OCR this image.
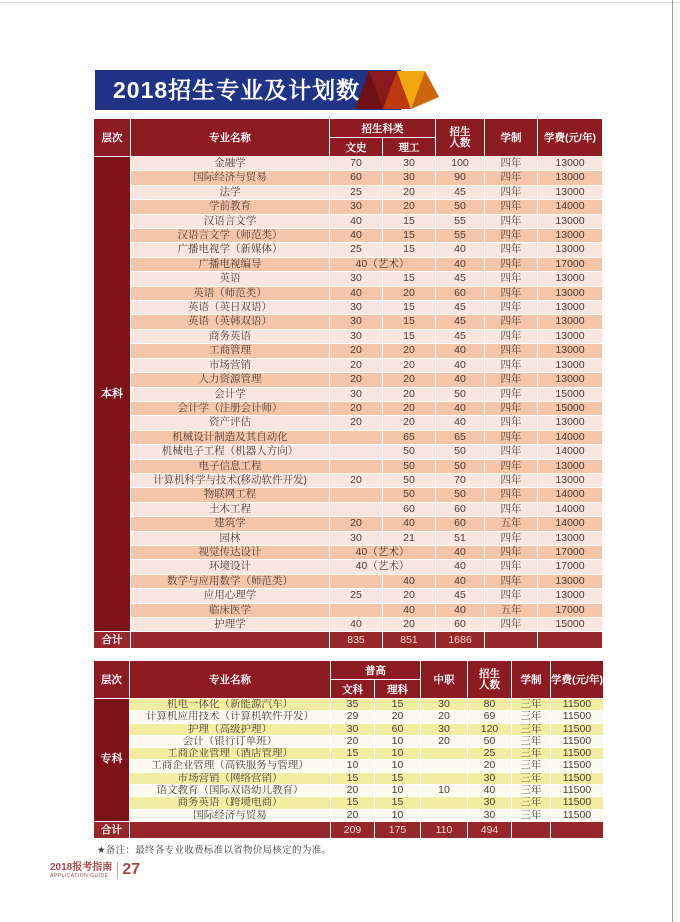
2018招生专业及计划数
层次	专业名称	招生科类		招生人数	学制	学费(元/年)
		文史	理工			
本科	金融学	70	30	100	四年	13000
	国际经济与贸易	60	30	90	四年	13000
	法学	25	20	45	四年	13000
	学前教育	30	20	50	四年	14000
	汉语言文学	40	15	55	四年	13000
	汉语言文学（师范类）	40	15	55	四年	13000
	广播电视学（新媒体）	25	15	40	四年	13000
	广播电视编导	40（艺术）		40	四年	17000
	英语	30	15	45	四年	13000
	英语（师范类）	40	20	60	四年	13000
	英语（英日双语）	30	15	45	四年	13000
	英语（英韩双语）	30	15	45	四年	13000
	商务英语	30	15	45	四年	13000
	工商管理	20	20	40	四年	13000
	市场营销	20	20	40	四年	13000
	人力资源管理	20	20	40	四年	13000
	会计学	30	20	50	四年	15000
	会计学（注册会计师）	20	20	40	四年	15000
	资产评估	20	20	40	四年	13000
	机械设计制造及其自动化		65	65	四年	14000
	机械电子工程（机器人方向）		50	50	四年	14000
	电子信息工程		50	50	四年	13000
	计算机科学与技术(移动软件开发)	20	50	70	四年	13000
	物联网工程		50	50	四年	14000
	土木工程		60	60	四年	14000
	建筑学	20	40	60	五年	14000
	园林	30	21	51	四年	13000
	视觉传达设计	40（艺术）		40	四年	17000
	环境设计	40（艺术）		40	四年	17000
	数学与应用数学（师范类）		40	40	四年	13000
	应用心理学	25	20	45	四年	13000
	临床医学		40	40	五年	17000
	护理学	40	20	60	四年	15000
合计		835	851	1686		
层次	专业名称	普高		中职	招生人数	学制	学费(元/年)
		文科	理科				
专科	机电一体化（新能源汽车）	35	15	30	80	三年	11500
	计算机应用技术（计算机软件开发）	29	20	20	69	三年	11500
	护理（高级护理）	30	60	30	120	三年	11500
	会计（银行订单班）	20	10	20	50	三年	11500
	工商企业管理（酒店管理）	15	10		25	三年	11500
	工商企业管理（高铁服务与管理）	10	10		20	三年	11500
	市场营销（网络营销）	15	15		30	三年	11500
	语文教育（国际双语幼儿教育）	20	10	10	40	三年	11500
	商务英语（跨境电商）	15	15		30	三年	11500
	国际经济与贸易	20	10		30	三年	11500
合计		209	175	110	494		
★备注：最终各专业收费标准以省物价局核定的为准。
2018报考指南
APPLICATION GUIDE 27
